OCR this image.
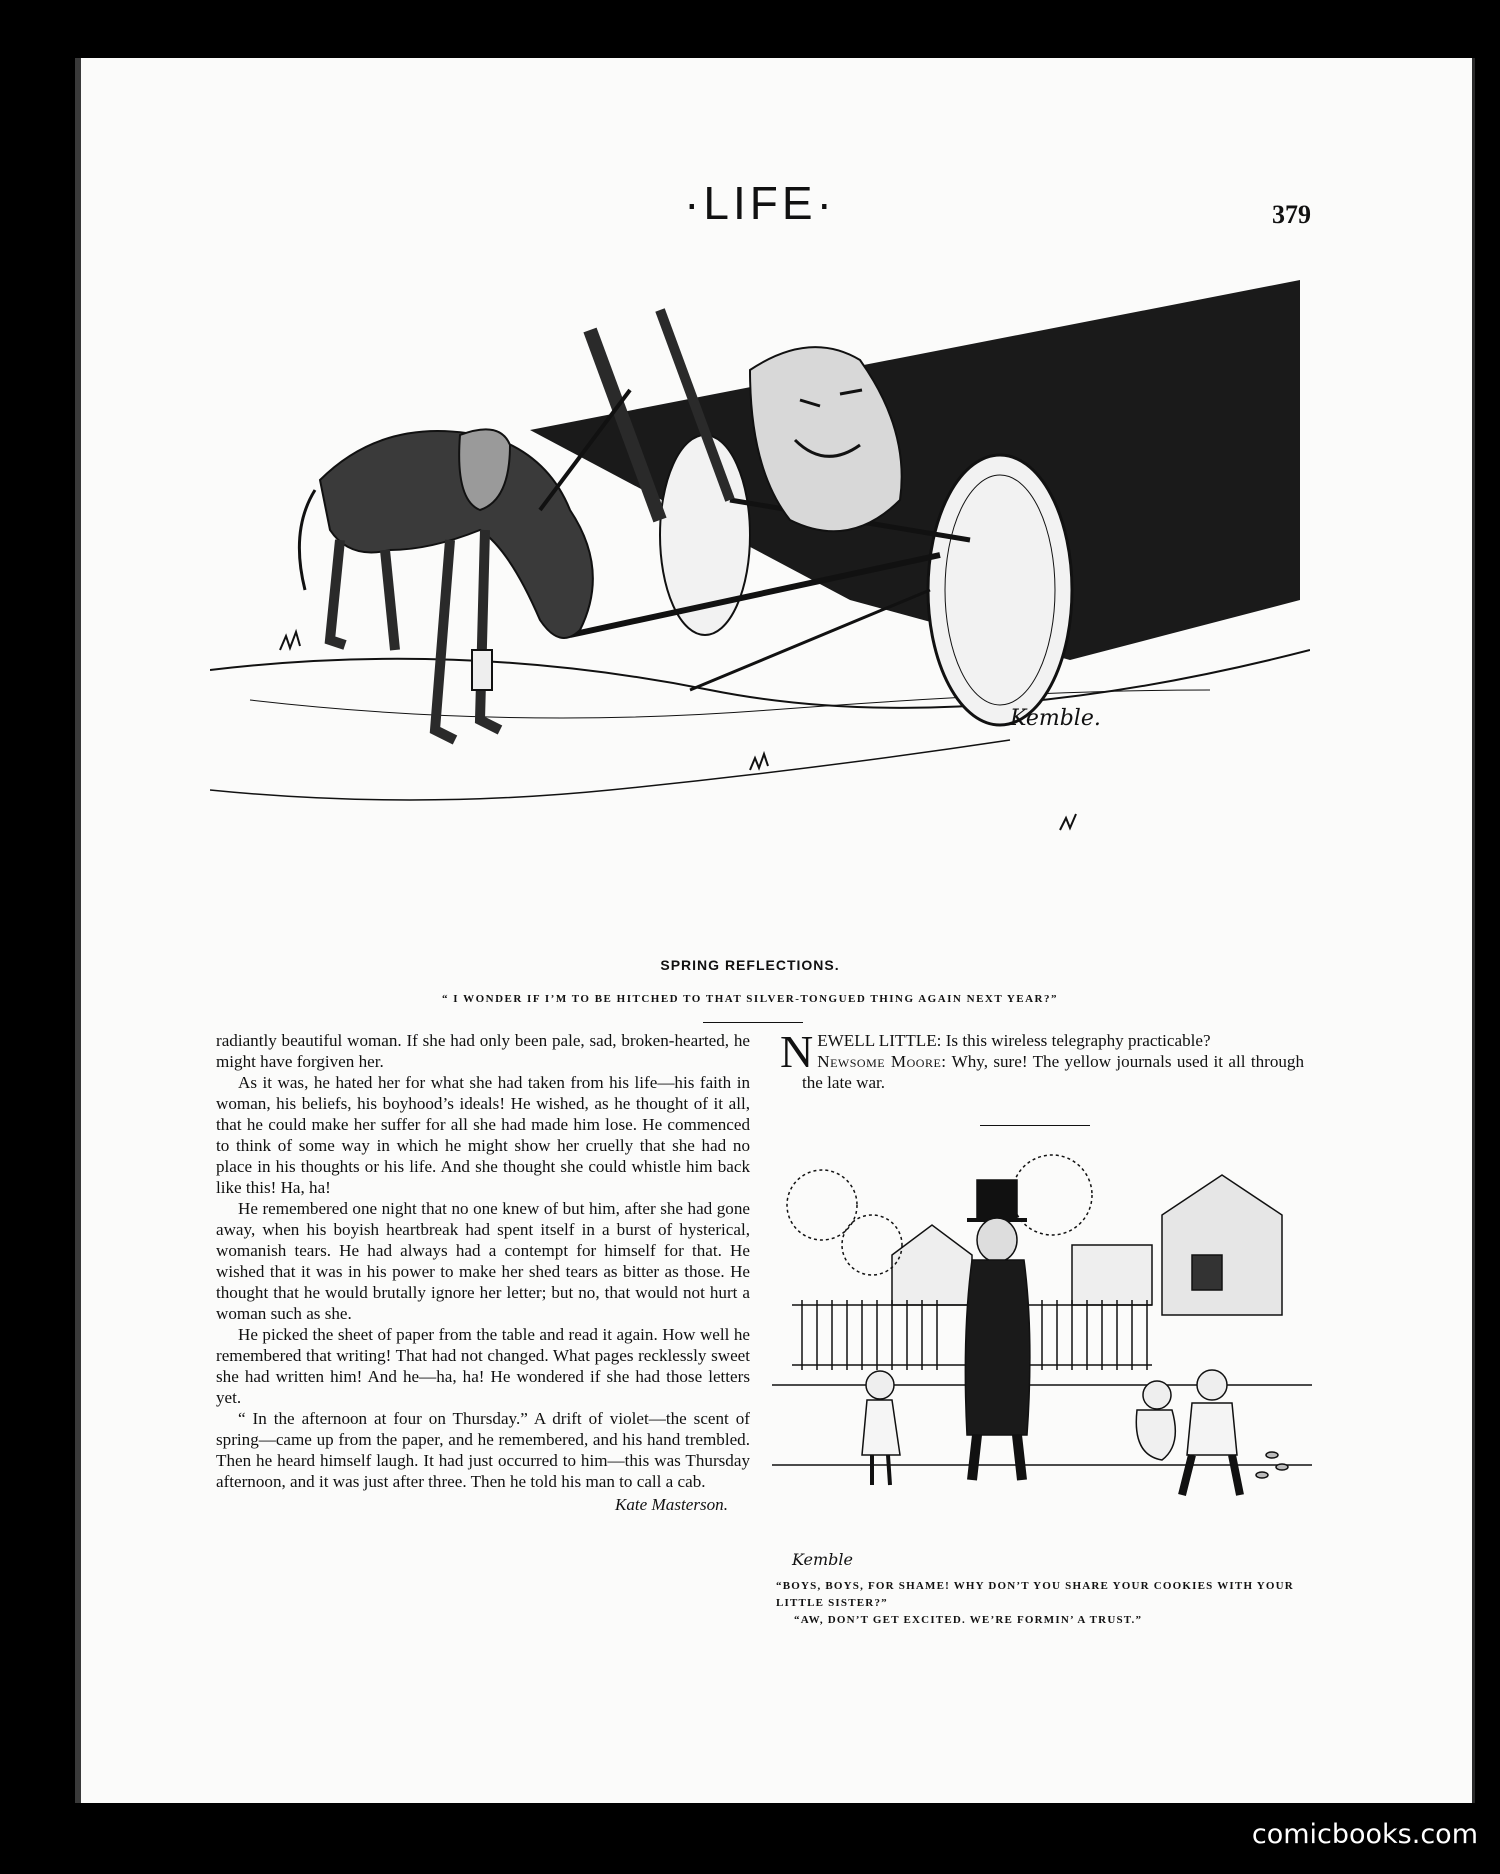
·LIFE·	379
Kemble.
SPRING REFLECTIONS.
“ I WONDER IF I’M TO BE HITCHED TO THAT SILVER-TONGUED THING AGAIN NEXT YEAR?”

radiantly beautiful woman. If she had only been pale, sad, broken-hearted, he might have forgiven her.

As it was, he hated her for what she had taken from his life—his faith in woman, his beliefs, his boyhood’s ideals! He wished, as he thought of it all, that he could make her suffer for all she had made him lose. He commenced to think of some way in which he might show her cruelly that she had no place in his thoughts or his life. And she thought she could whistle him back like this! Ha, ha!

He remembered one night that no one knew of but him, after she had gone away, when his boyish heartbreak had spent itself in a burst of hysterical, womanish tears. He had always had a contempt for himself for that. He wished that it was in his power to make her shed tears as bitter as those. He thought that he would brutally ignore her letter; but no, that would not hurt a woman such as she.

He picked the sheet of paper from the table and read it again. How well he remembered that writing! That had not changed. What pages recklessly sweet she had written him! And he—ha, ha! He wondered if she had those letters yet.

“ In the afternoon at four on Thursday.” A drift of violet—the scent of spring—came up from the paper, and he remembered, and his hand trembled. Then he heard himself laugh. It had just occurred to him—this was Thursday afternoon, and it was just after three. Then he told his man to call a cab.

Kate Masterson.

NEWELL LITTLE: Is this wireless telegraphy practicable?

Newsome Moore: Why, sure! The yellow journals used it all through the late war.

Kemble
“BOYS, BOYS, FOR SHAME! WHY DON’T YOU SHARE YOUR COOKIES WITH YOUR LITTLE SISTER?”
“AW, DON’T GET EXCITED. WE’RE FORMIN’ A TRUST.”
comicbooks.com
